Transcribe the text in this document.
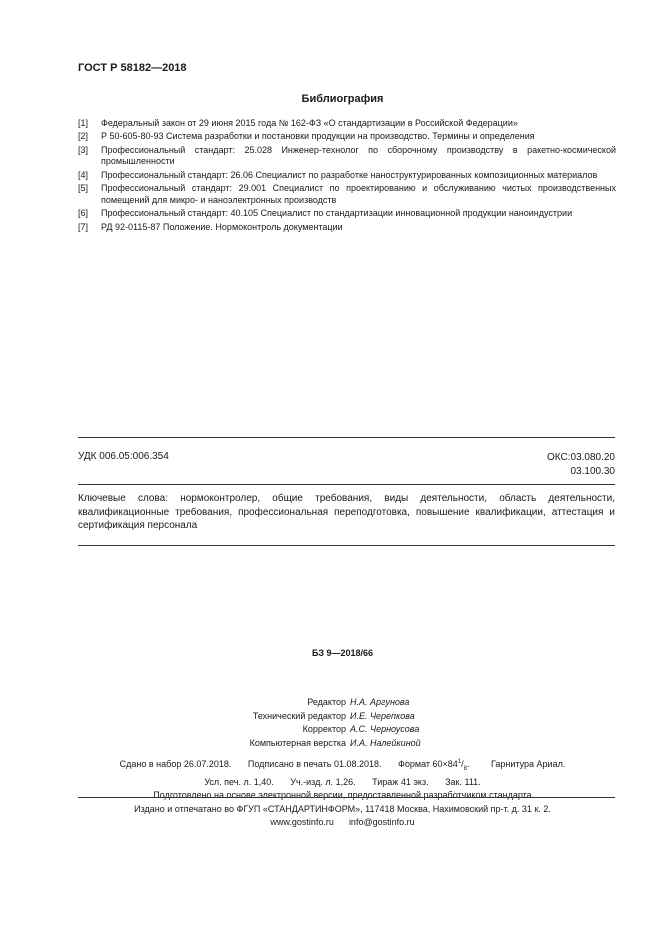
ГОСТ Р 58182—2018
Библиография
[1]	Федеральный закон от 29 июня 2015 года № 162-ФЗ «О стандартизации в Российской Федерации»
[2]	Р 50-605-80-93 Система разработки и постановки продукции на производство. Термины и определения
[3]	Профессиональный стандарт: 25.028 Инженер-технолог по сборочному производству в ракетно-космической промышленности
[4]	Профессиональный стандарт: 26.06 Специалист по разработке наноструктурированных композиционных материалов
[5]	Профессиональный стандарт: 29.001 Специалист по проектированию и обслуживанию чистых производственных помещений для микро- и наноэлектронных производств
[6]	Профессиональный стандарт: 40.105 Специалист по стандартизации инновационной продукции наноиндустрии
[7]	РД 92-0115-87 Положение. Нормоконтроль документации
УДК 006.05:006.354	ОКС:03.080.20
03.100.30
Ключевые слова: нормоконтролер, общие требования, виды деятельности, область деятельности, квалификационные требования, профессиональная переподготовка, повышение квалификации, аттестация и сертификация персонала
БЗ 9—2018/66
Редактор Н.А. Аргунова
Технический редактор И.Е. Черепкова
Корректор А.С. Черноусова
Компьютерная верстка И.А. Налейкиной
Сдано в набор 26.07.2018. Подписано в печать 01.08.2018. Формат $60\times 84^1/_8$. Гарнитура Ариал.
Усл. печ. л. 1,40. Уч.-изд. л. 1,26. Тираж 41 экз. Зак. 111.
Подготовлено на основе электронной версии, предоставленной разработчиком стандарта
Издано и отпечатано во ФГУП «СТАНДАРТИНФОРМ», 117418 Москва, Нахимовский пр-т. д. 31 к. 2.
www.gostinfo.ru info@gostinfo.ru
